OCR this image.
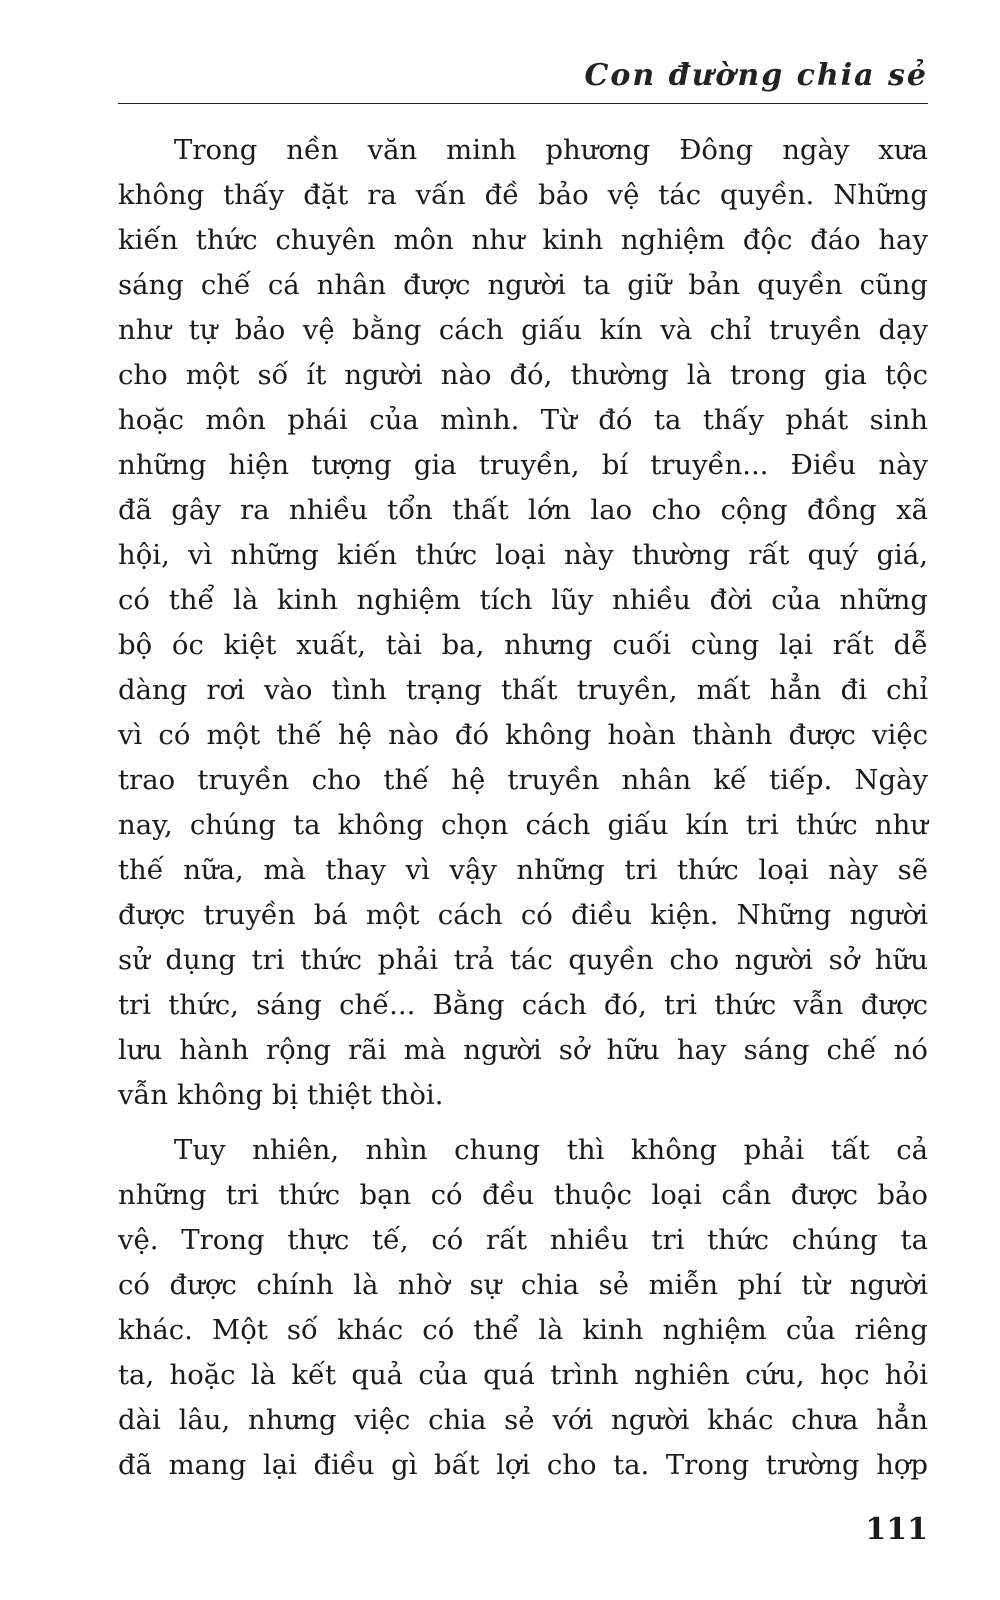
Con đường chia sẻ
Trong nền văn minh phương Đông ngày xưa
không thấy đặt ra vấn đề bảo vệ tác quyền. Những
kiến thức chuyên môn như kinh nghiệm độc đáo hay
sáng chế cá nhân được người ta giữ bản quyền cũng
như tự bảo vệ bằng cách giấu kín và chỉ truyền dạy
cho một số ít người nào đó, thường là trong gia tộc
hoặc môn phái của mình. Từ đó ta thấy phát sinh
những hiện tượng gia truyền, bí truyền... Điều này
đã gây ra nhiều tổn thất lớn lao cho cộng đồng xã
hội, vì những kiến thức loại này thường rất quý giá,
có thể là kinh nghiệm tích lũy nhiều đời của những
bộ óc kiệt xuất, tài ba, nhưng cuối cùng lại rất dễ
dàng rơi vào tình trạng thất truyền, mất hẳn đi chỉ
vì có một thế hệ nào đó không hoàn thành được việc
trao truyền cho thế hệ truyền nhân kế tiếp. Ngày
nay, chúng ta không chọn cách giấu kín tri thức như
thế nữa, mà thay vì vậy những tri thức loại này sẽ
được truyền bá một cách có điều kiện. Những người
sử dụng tri thức phải trả tác quyền cho người sở hữu
tri thức, sáng chế... Bằng cách đó, tri thức vẫn được
lưu hành rộng rãi mà người sở hữu hay sáng chế nó
vẫn không bị thiệt thòi.
Tuy nhiên, nhìn chung thì không phải tất cả
những tri thức bạn có đều thuộc loại cần được bảo
vệ. Trong thực tế, có rất nhiều tri thức chúng ta
có được chính là nhờ sự chia sẻ miễn phí từ người
khác. Một số khác có thể là kinh nghiệm của riêng
ta, hoặc là kết quả của quá trình nghiên cứu, học hỏi
dài lâu, nhưng việc chia sẻ với người khác chưa hẳn
đã mang lại điều gì bất lợi cho ta. Trong trường hợp
111
